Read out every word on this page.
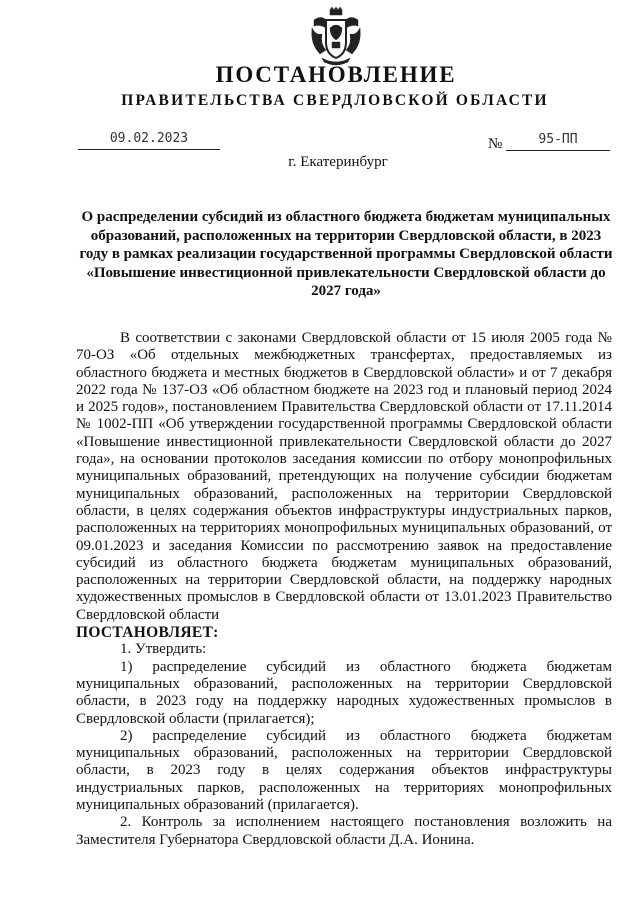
ПОСТАНОВЛЕНИЕ
ПРАВИТЕЛЬСТВА СВЕРДЛОВСКОЙ ОБЛАСТИ
09.02.2023	№	95-ПП
г. Екатеринбург
О распределении субсидий из областного бюджета бюджетам муниципальных образований, расположенных на территории Свердловской области, в 2023 году в рамках реализации государственной программы Свердловской области «Повышение инвестиционной привлекательности Свердловской области до 2027 года»

В соответствии с законами Свердловской области от 15 июля 2005 года № 70-ОЗ «Об отдельных межбюджетных трансфертах, предоставляемых из областного бюджета и местных бюджетов в Свердловской области» и от 7 декабря 2022 года № 137-ОЗ «Об областном бюджете на 2023 год и плановый период 2024 и 2025 годов», постановлением Правительства Свердловской области от 17.11.2014 № 1002-ПП «Об утверждении государственной программы Свердловской области «Повышение инвестиционной привлекательности Свердловской области до 2027 года», на основании протоколов заседания комиссии по отбору монопрофильных муниципальных образований, претендующих на получение субсидии бюджетам муниципальных образований, расположенных на территории Свердловской области, в целях содержания объектов инфраструктуры индустриальных парков, расположенных на территориях монопрофильных муниципальных образований, от 09.01.2023 и заседания Комиссии по рассмотрению заявок на предоставление субсидий из областного бюджета бюджетам муниципальных образований, расположенных на территории Свердловской области, на поддержку народных художественных промыслов в Свердловской области от 13.01.2023 Правительство Свердловской области

ПОСТАНОВЛЯЕТ:

1. Утвердить:

1) распределение субсидий из областного бюджета бюджетам муниципальных образований, расположенных на территории Свердловской области, в 2023 году на поддержку народных художественных промыслов в Свердловской области (прилагается);

2) распределение субсидий из областного бюджета бюджетам муниципальных образований, расположенных на территории Свердловской области, в 2023 году в целях содержания объектов инфраструктуры индустриальных парков, расположенных на территориях монопрофильных муниципальных образований (прилагается).

2. Контроль за исполнением настоящего постановления возложить на Заместителя Губернатора Свердловской области Д.А. Ионина.
